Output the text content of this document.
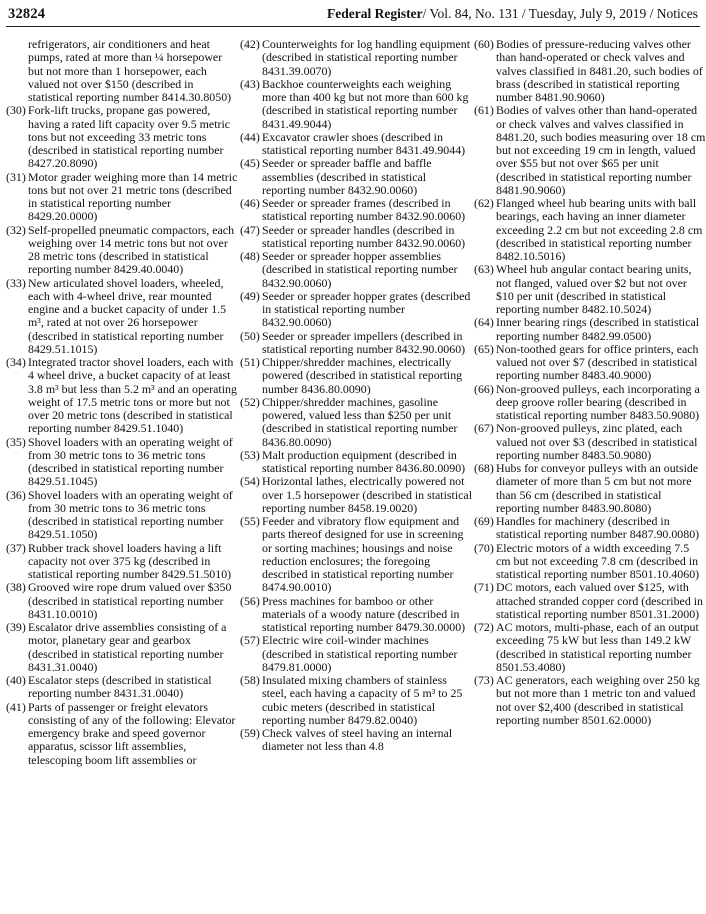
32824	Federal Register/ Vol. 84, No. 131 / Tuesday, July 9, 2019 / Notices
refrigerators, air conditioners and heat pumps, rated at more than ¼ horsepower but not more than 1 horsepower, each valued not over $150 (described in statistical reporting number 8414.30.8050)
(30) Fork-lift trucks, propane gas powered, having a rated lift capacity over 9.5 metric tons but not exceeding 33 metric tons (described in statistical reporting number 8427.20.8090)
(31) Motor grader weighing more than 14 metric tons but not over 21 metric tons (described in statistical reporting number 8429.20.0000)
(32) Self-propelled pneumatic compactors, each weighing over 14 metric tons but not over 28 metric tons (described in statistical reporting number 8429.40.0040)
(33) New articulated shovel loaders, wheeled, each with 4-wheel drive, rear mounted engine and a bucket capacity of under 1.5 m³, rated at not over 26 horsepower (described in statistical reporting number 8429.51.1015)
(34) Integrated tractor shovel loaders, each with 4 wheel drive, a bucket capacity of at least 3.8 m³ but less than 5.2 m³ and an operating weight of 17.5 metric tons or more but not over 20 metric tons (described in statistical reporting number 8429.51.1040)
(35) Shovel loaders with an operating weight of from 30 metric tons to 36 metric tons (described in statistical reporting number 8429.51.1045)
(36) Shovel loaders with an operating weight of from 30 metric tons to 36 metric tons (described in statistical reporting number 8429.51.1050)
(37) Rubber track shovel loaders having a lift capacity not over 375 kg (described in statistical reporting number 8429.51.5010)
(38) Grooved wire rope drum valued over $350 (described in statistical reporting number 8431.10.0010)
(39) Escalator drive assemblies consisting of a motor, planetary gear and gearbox (described in statistical reporting number 8431.31.0040)
(40) Escalator steps (described in statistical reporting number 8431.31.0040)
(41) Parts of passenger or freight elevators consisting of any of the following: Elevator emergency brake and speed governor apparatus, scissor lift assemblies, telescoping boom lift assemblies or
(42) Counterweights for log handling equipment (described in statistical reporting number 8431.39.0070)
(43) Backhoe counterweights each weighing more than 400 kg but not more than 600 kg (described in statistical reporting number 8431.49.9044)
(44) Excavator crawler shoes (described in statistical reporting number 8431.49.9044)
(45) Seeder or spreader baffle and baffle assemblies (described in statistical reporting number 8432.90.0060)
(46) Seeder or spreader frames (described in statistical reporting number 8432.90.0060)
(47) Seeder or spreader handles (described in statistical reporting number 8432.90.0060)
(48) Seeder or spreader hopper assemblies (described in statistical reporting number 8432.90.0060)
(49) Seeder or spreader hopper grates (described in statistical reporting number 8432.90.0060)
(50) Seeder or spreader impellers (described in statistical reporting number 8432.90.0060)
(51) Chipper/shredder machines, electrically powered (described in statistical reporting number 8436.80.0090)
(52) Chipper/shredder machines, gasoline powered, valued less than $250 per unit (described in statistical reporting number 8436.80.0090)
(53) Malt production equipment (described in statistical reporting number 8436.80.0090)
(54) Horizontal lathes, electrically powered not over 1.5 horsepower (described in statistical reporting number 8458.19.0020)
(55) Feeder and vibratory flow equipment and parts thereof designed for use in screening or sorting machines; housings and noise reduction enclosures; the foregoing described in statistical reporting number 8474.90.0010)
(56) Press machines for bamboo or other materials of a woody nature (described in statistical reporting number 8479.30.0000)
(57) Electric wire coil-winder machines (described in statistical reporting number 8479.81.0000)
(58) Insulated mixing chambers of stainless steel, each having a capacity of 5 m³ to 25 cubic meters (described in statistical reporting number 8479.82.0040)
(59) Check valves of steel having an internal diameter not less than 4.8
(60) Bodies of pressure-reducing valves other than hand-operated or check valves and valves classified in 8481.20, such bodies of brass (described in statistical reporting number 8481.90.9060)
(61) Bodies of valves other than hand-operated or check valves and valves classified in 8481.20, such bodies measuring over 18 cm but not exceeding 19 cm in length, valued over $55 but not over $65 per unit (described in statistical reporting number 8481.90.9060)
(62) Flanged wheel hub bearing units with ball bearings, each having an inner diameter exceeding 2.2 cm but not exceeding 2.8 cm (described in statistical reporting number 8482.10.5016)
(63) Wheel hub angular contact bearing units, not flanged, valued over $2 but not over $10 per unit (described in statistical reporting number 8482.10.5024)
(64) Inner bearing rings (described in statistical reporting number 8482.99.0500)
(65) Non-toothed gears for office printers, each valued not over $7 (described in statistical reporting number 8483.40.9000)
(66) Non-grooved pulleys, each incorporating a deep groove roller bearing (described in statistical reporting number 8483.50.9080)
(67) Non-grooved pulleys, zinc plated, each valued not over $3 (described in statistical reporting number 8483.50.9080)
(68) Hubs for conveyor pulleys with an outside diameter of more than 5 cm but not more than 56 cm (described in statistical reporting number 8483.90.8080)
(69) Handles for machinery (described in statistical reporting number 8487.90.0080)
(70) Electric motors of a width exceeding 7.5 cm but not exceeding 7.8 cm (described in statistical reporting number 8501.10.4060)
(71) DC motors, each valued over $125, with attached stranded copper cord (described in statistical reporting number 8501.31.2000)
(72) AC motors, multi-phase, each of an output exceeding 75 kW but less than 149.2 kW (described in statistical reporting number 8501.53.4080)
(73) AC generators, each weighing over 250 kg but not more than 1 metric ton and valued not over $2,400 (described in statistical reporting number 8501.62.0000)
